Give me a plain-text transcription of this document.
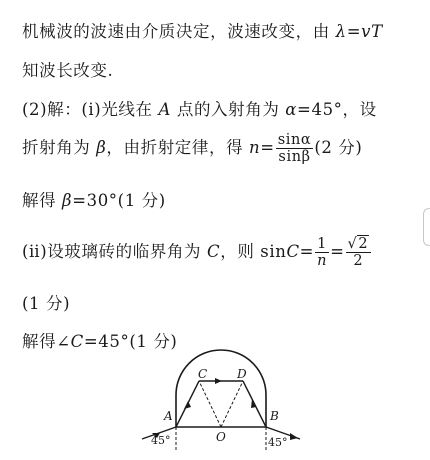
机械波的波速由介质决定，波速改变，由 λ=vT
知波长改变.
(2)解：(ⅰ)光线在 A 点的入射角为 α=45°，设
折射角为 β，由折射定律，得 $n= \frac{\sin\alpha}{\sin\beta} (2$ 分)
解得 β=30°(1 分)
(ⅱ)设玻璃砖的临界角为 C，则 $\sin C= \frac{1}{n} = \frac{√2}{2}$
(1 分)
解得∠C=45°(1 分)
A	B
C D
O
45°	45°
